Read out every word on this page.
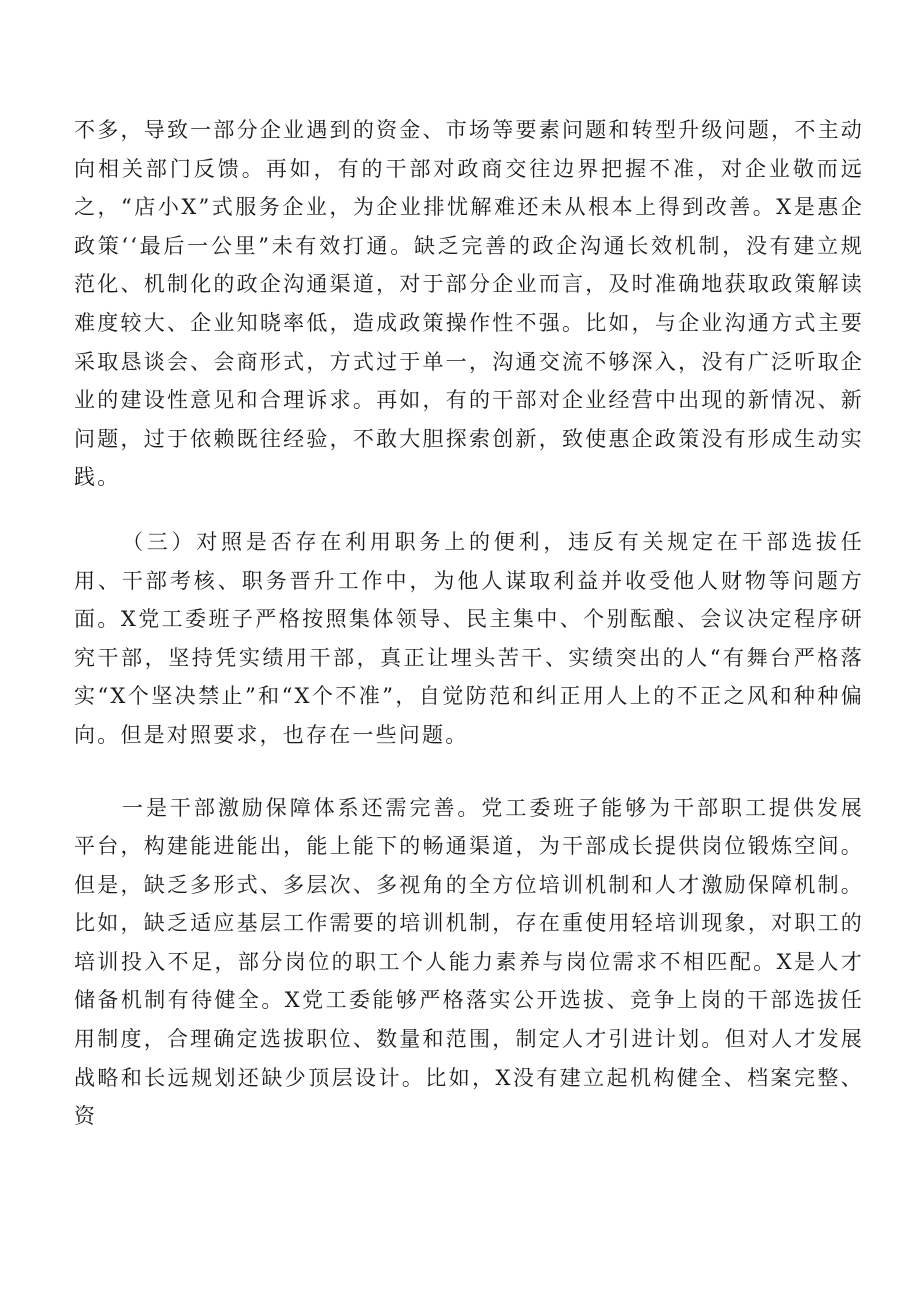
不多，导致一部分企业遇到的资金、市场等要素问题和转型升级问题，不主动向相关部门反馈。再如，有的干部对政商交往边界把握不准，对企业敬而远之，“店小X”式服务企业，为企业排忧解难还未从根本上得到改善。X是惠企政策‘‘最后一公里”未有效打通。缺乏完善的政企沟通长效机制，没有建立规范化、机制化的政企沟通渠道，对于部分企业而言，及时准确地获取政策解读难度较大、企业知晓率低，造成政策操作性不强。比如，与企业沟通方式主要采取恳谈会、会商形式，方式过于单一，沟通交流不够深入，没有广泛听取企业的建设性意见和合理诉求。再如，有的干部对企业经营中出现的新情况、新问题，过于依赖既往经验，不敢大胆探索创新，致使惠企政策没有形成生动实践。

（三）对照是否存在利用职务上的便利，违反有关规定在干部选拔任用、干部考核、职务晋升工作中，为他人谋取利益并收受他人财物等问题方面。X党工委班子严格按照集体领导、民主集中、个别酝酿、会议决定程序研究干部，坚持凭实绩用干部，真正让埋头苦干、实绩突出的人“有舞台严格落实“X个坚决禁止”和“X个不准”，自觉防范和纠正用人上的不正之风和种种偏向。但是对照要求，也存在一些问题。

一是干部激励保障体系还需完善。党工委班子能够为干部职工提供发展平台，构建能进能出，能上能下的畅通渠道，为干部成长提供岗位锻炼空间。但是，缺乏多形式、多层次、多视角的全方位培训机制和人才激励保障机制。比如，缺乏适应基层工作需要的培训机制，存在重使用轻培训现象，对职工的培训投入不足，部分岗位的职工个人能力素养与岗位需求不相匹配。X是人才储备机制有待健全。X党工委能够严格落实公开选拔、竞争上岗的干部选拔任用制度，合理确定选拔职位、数量和范围，制定人才引进计划。但对人才发展战略和长远规划还缺少顶层设计。比如，X没有建立起机构健全、档案完整、资
